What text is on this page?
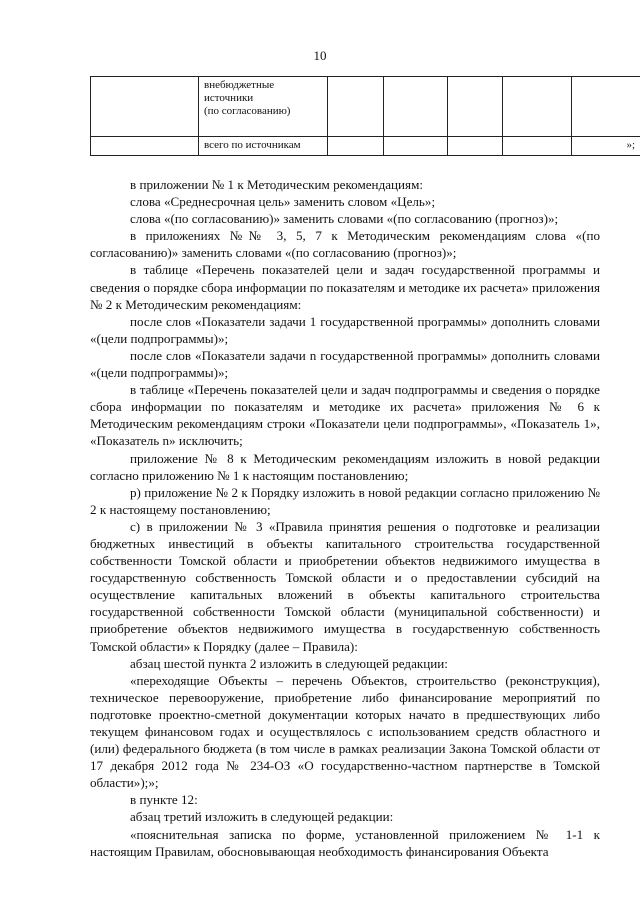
10
	внебюджетные
источники
(по согласованию)					
	всего по источникам					»;

в приложении № 1 к Методическим рекомендациям:

слова «Среднесрочная цель» заменить словом «Цель»;

слова «(по согласованию)» заменить словами «(по согласованию (прогноз)»;

в приложениях №№ 3, 5, 7 к Методическим рекомендациям слова «(по согласованию)» заменить словами «(по согласованию (прогноз)»;

в таблице «Перечень показателей цели и задач государственной программы и сведения о порядке сбора информации по показателям и методике их расчета» приложения № 2 к Методическим рекомендациям:

после слов «Показатели задачи 1 государственной программы» дополнить словами «(цели подпрограммы)»;

после слов «Показатели задачи n государственной программы» дополнить словами «(цели подпрограммы)»;

в таблице «Перечень показателей цели и задач подпрограммы и сведения о порядке сбора информации по показателям и методике их расчета» приложения № 6 к Методическим рекомендациям строки «Показатели цели подпрограммы», «Показатель 1», «Показатель n» исключить;

приложение № 8 к Методическим рекомендациям изложить в новой редакции согласно приложению № 1 к настоящим постановлению;

р) приложение № 2 к Порядку изложить в новой редакции согласно приложению № 2 к настоящему постановлению;

с) в приложении № 3 «Правила принятия решения о подготовке и реализации бюджетных инвестиций в объекты капитального строительства государственной собственности Томской области и приобретении объектов недвижимого имущества в государственную собственность Томской области и о предоставлении субсидий на осуществление капитальных вложений в объекты капитального строительства государственной собственности Томской области (муниципальной собственности) и приобретение объектов недвижимого имущества в государственную собственность Томской области» к Порядку (далее – Правила):

абзац шестой пункта 2 изложить в следующей редакции:

«переходящие Объекты – перечень Объектов, строительство (реконструкция), техническое перевооружение, приобретение либо финансирование мероприятий по подготовке проектно-сметной документации которых начато в предшествующих либо текущем финансовом годах и осуществлялось с использованием средств областного и (или) федерального бюджета (в том числе в рамках реализации Закона Томской области от 17 декабря 2012 года № 234-ОЗ «О государственно-частном партнерстве в Томской области»);»;

в пункте 12:

абзац третий изложить в следующей редакции:

«пояснительная записка по форме, установленной приложением № 1-1 к настоящим Правилам, обосновывающая необходимость финансирования Объекта
